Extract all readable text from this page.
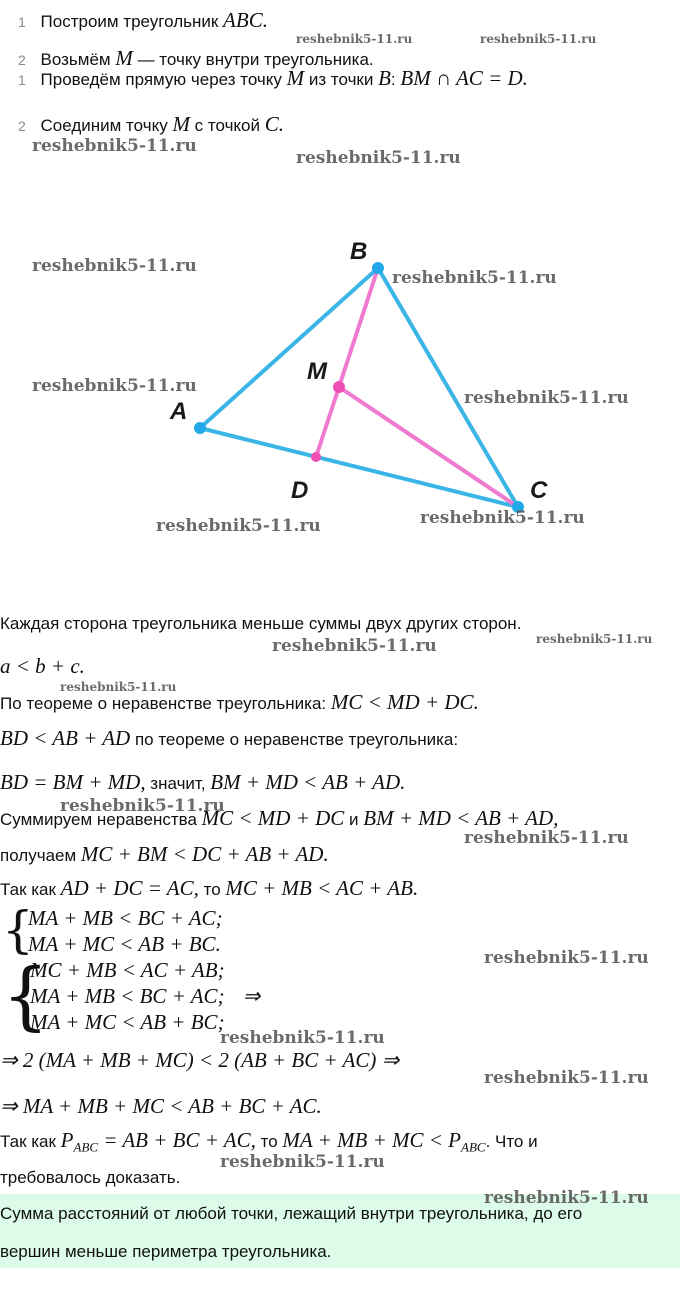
1 Построим треугольник ABC.
2 Возьмём M — точку внутри треугольника.
1 Проведём прямую через точку M из точки B: BM ∩ AC = D.
2 Соединим точку M с точкой C.
B
A
M
D	C
Каждая сторона треугольника меньше суммы двух других сторон.
a < b + c.
По теореме о неравенстве треугольника: MC < MD + DC.
BD < AB + AD по теореме о неравенстве треугольника:
BD = BM + MD, значит, BM + MD < AB + AD.
Суммируем неравенства MC < MD + DC и BM + MD < AB + AD,
получаем MC + BM < DC + AB + AD.
Так как AD + DC = AC, то MC + MB < AC + AB.
{
MA + MB < BC + AC;
MA + MC < AB + BC.
{
MC + MB < AC + AB;
MA + MB < BC + AC; ⇒
MA + MC < AB + BC;
⇒ 2 (MA + MB + MC) < 2 (AB + BC + AC) ⇒
⇒ MA + MB + MC < AB + BC + AC.
Так как $P_{ABC}$ = AB + BC + AC, то MA + MB + MC < $P_{ABC}$. Что и
требовалось доказать.
Сумма расстояний от любой точки, лежащий внутри треугольника, до его
вершин меньше периметра треугольника.
reshebnik5-11.ru	reshebnik5-11.ru
reshebnik5-11.ru
reshebnik5-11.ru
reshebnik5-11.ru
reshebnik5-11.ru
reshebnik5-11.ru
reshebnik5-11.ru
reshebnik5-11.ru	reshebnik5-11.ru
reshebnik5-11.ru
reshebnik5-11.ru
reshebnik5-11.ru
reshebnik5-11.ru
reshebnik5-11.ru
reshebnik5-11.ru
reshebnik5-11.ru
reshebnik5-11.ru
reshebnik5-11.ru
reshebnik5-11.ru
